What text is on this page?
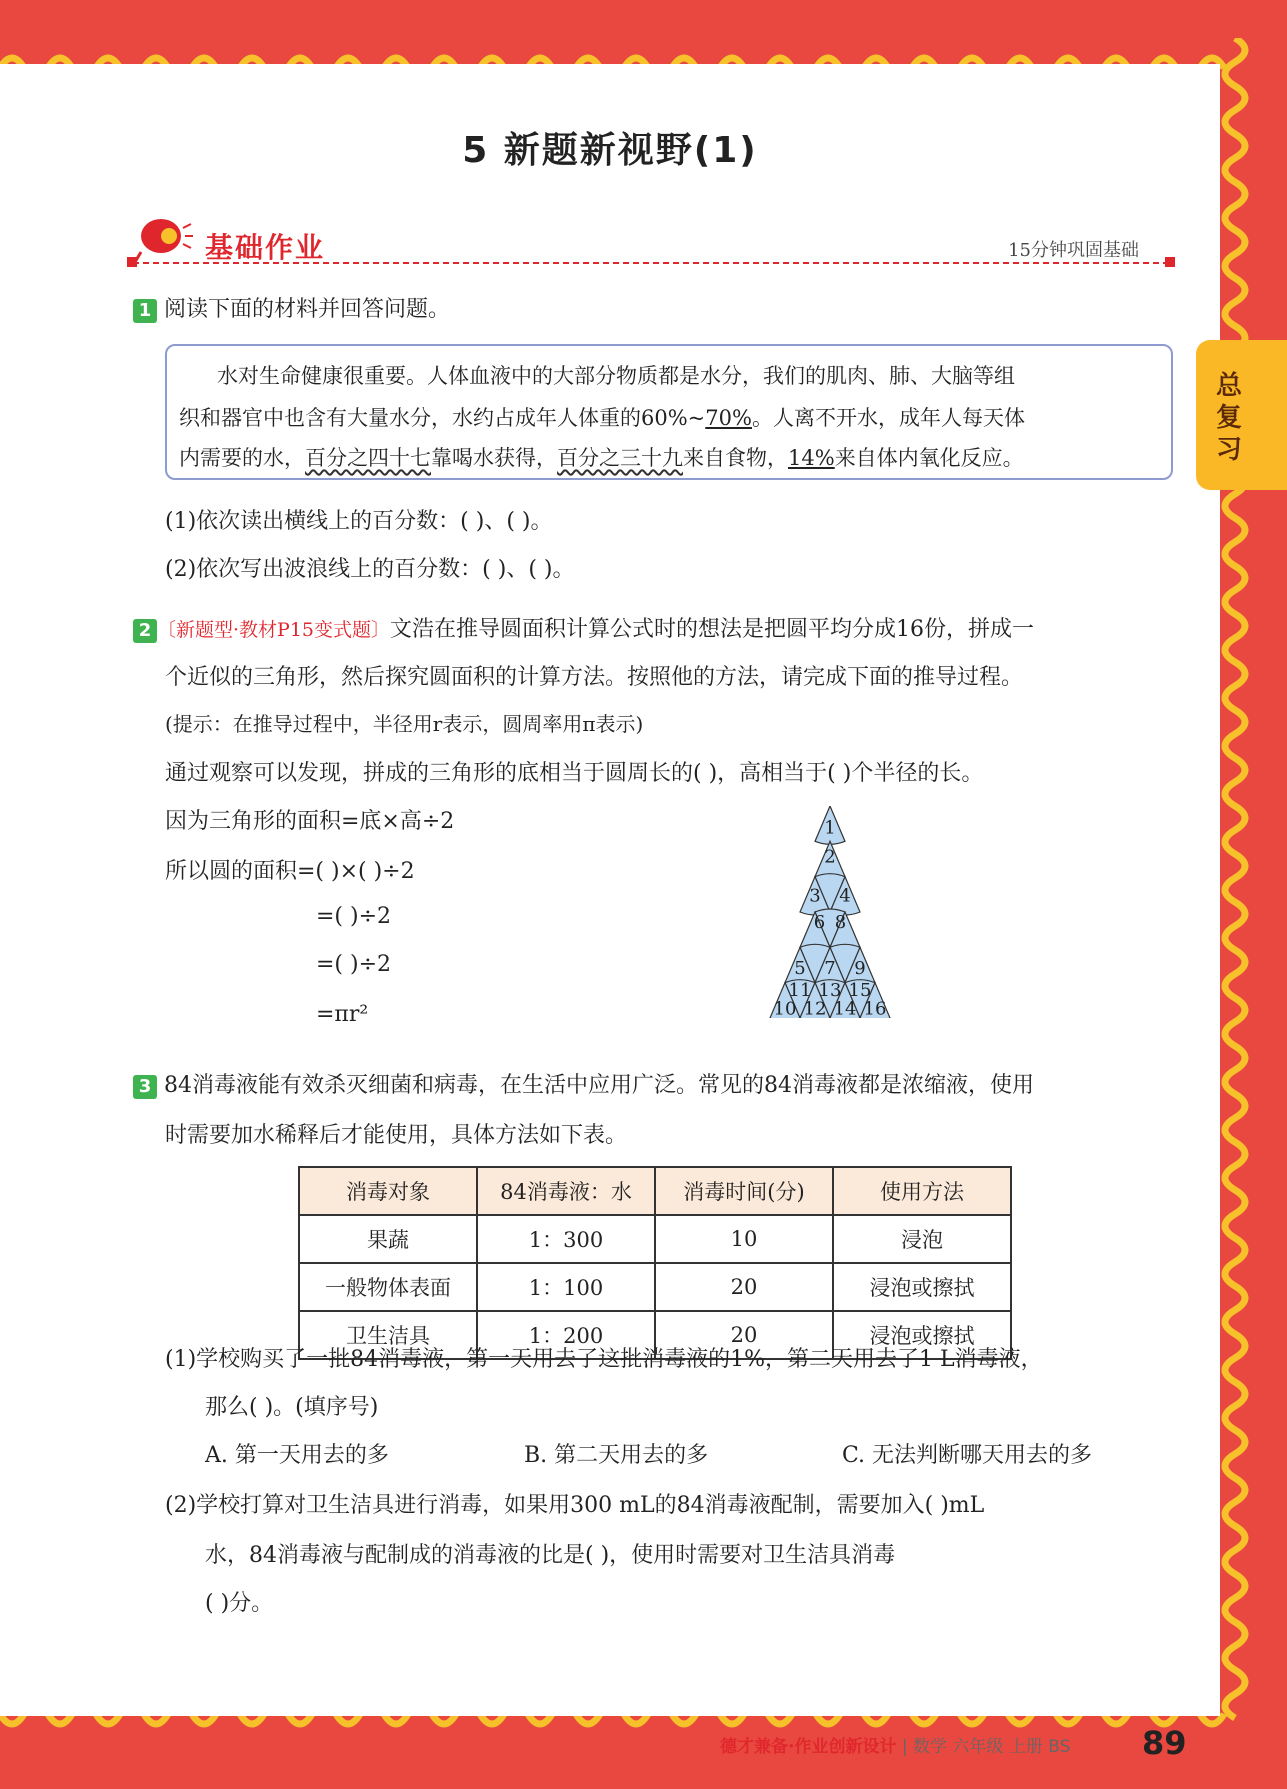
5 新题新视野(1)
基础作业	15分钟巩固基础
1 阅读下面的材料并回答问题。
水对生命健康很重要。人体血液中的大部分物质都是水分，我们的肌肉、肺、大脑等组
织和器官中也含有大量水分，水约占成年人体重的60%~70%。人离不开水，成年人每天体
内需要的水，百分之四十七靠喝水获得，百分之三十九来自食物，14%来自体内氧化反应。
(1)依次读出横线上的百分数：( )、( )。
(2)依次写出波浪线上的百分数：( )、( )。
2 〔新题型·教材P15变式题〕文浩在推导圆面积计算公式时的想法是把圆平均分成16份，拼成一
个近似的三角形，然后探究圆面积的计算方法。按照他的方法，请完成下面的推导过程。
(提示：在推导过程中，半径用r表示，圆周率用π表示)
通过观察可以发现，拼成的三角形的底相当于圆周长的( )，高相当于( )个半径的长。
因为三角形的面积=底×高÷2
所以圆的面积=( )×( )÷2
=( )÷2
=( )÷2
=πr²
1
2
3 4
6 8
5 7 9
11 13 15
10 12 14 16
3 84消毒液能有效杀灭细菌和病毒，在生活中应用广泛。常见的84消毒液都是浓缩液，使用
时需要加水稀释后才能使用，具体方法如下表。
消毒对象	84消毒液：水	消毒时间(分)	使用方法
果蔬	1：300	10	浸泡
一般物体表面	1：100	20	浸泡或擦拭
卫生洁具	1：200	20	浸泡或擦拭
(1)学校购买了一批84消毒液，第一天用去了这批消毒液的1%，第二天用去了1 L消毒液，
那么( )。(填序号)
A. 第一天用去的多	B. 第二天用去的多	C. 无法判断哪天用去的多
(2)学校打算对卫生洁具进行消毒，如果用300 mL的84消毒液配制，需要加入( )mL
水，84消毒液与配制成的消毒液的比是( )，使用时需要对卫生洁具消毒
( )分。
德才兼备·作业创新设计 | 数学 六年级 上册 BS 89
总复习
